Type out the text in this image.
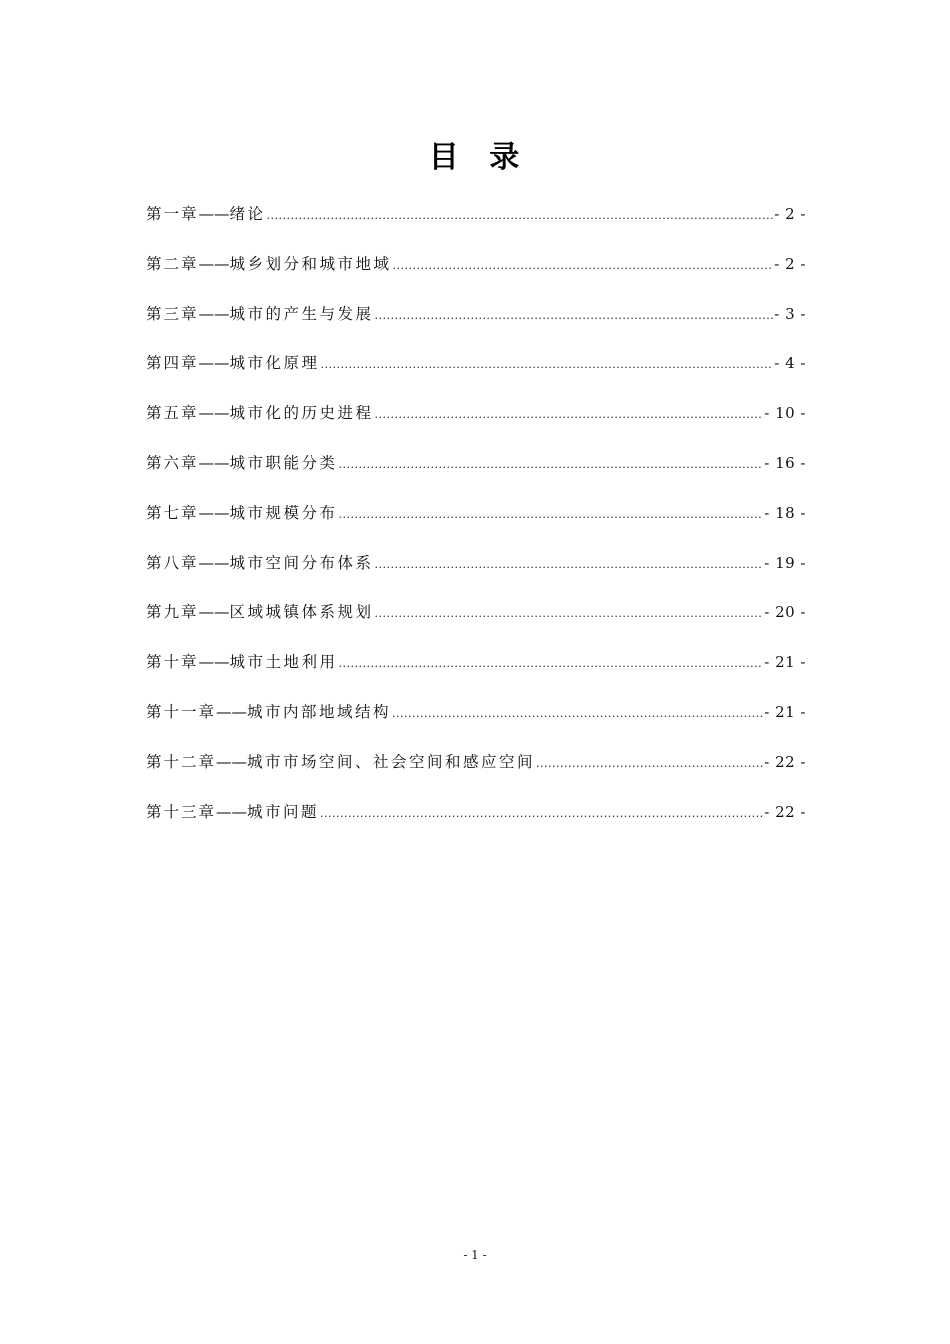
目 录
第一章 —— 绪论 .....	- 2 -
第二章 —— 城乡划分和城市地域 .....	- 2 -
第三章 —— 城市的产生与发展 .....	- 3 -
第四章 —— 城市化原理 .....	- 4 -
第五章 —— 城市化的历史进程 .....	- 10 -
第六章 —— 城市职能分类 .....	- 16 -
第七章 —— 城市规模分布 .....	- 18 -
第八章 —— 城市空间分布体系 .....	- 19 -
第九章 —— 区域城镇体系规划 .....	- 20 -
第十章 —— 城市土地利用 .....	- 21 -
第十一章 —— 城市内部地域结构 .....	- 21 -
第十二章 —— 城市市场空间、社会空间和感应空间 .....	- 22 -
第十三章 —— 城市问题 .....	- 22 -
- 1 -
